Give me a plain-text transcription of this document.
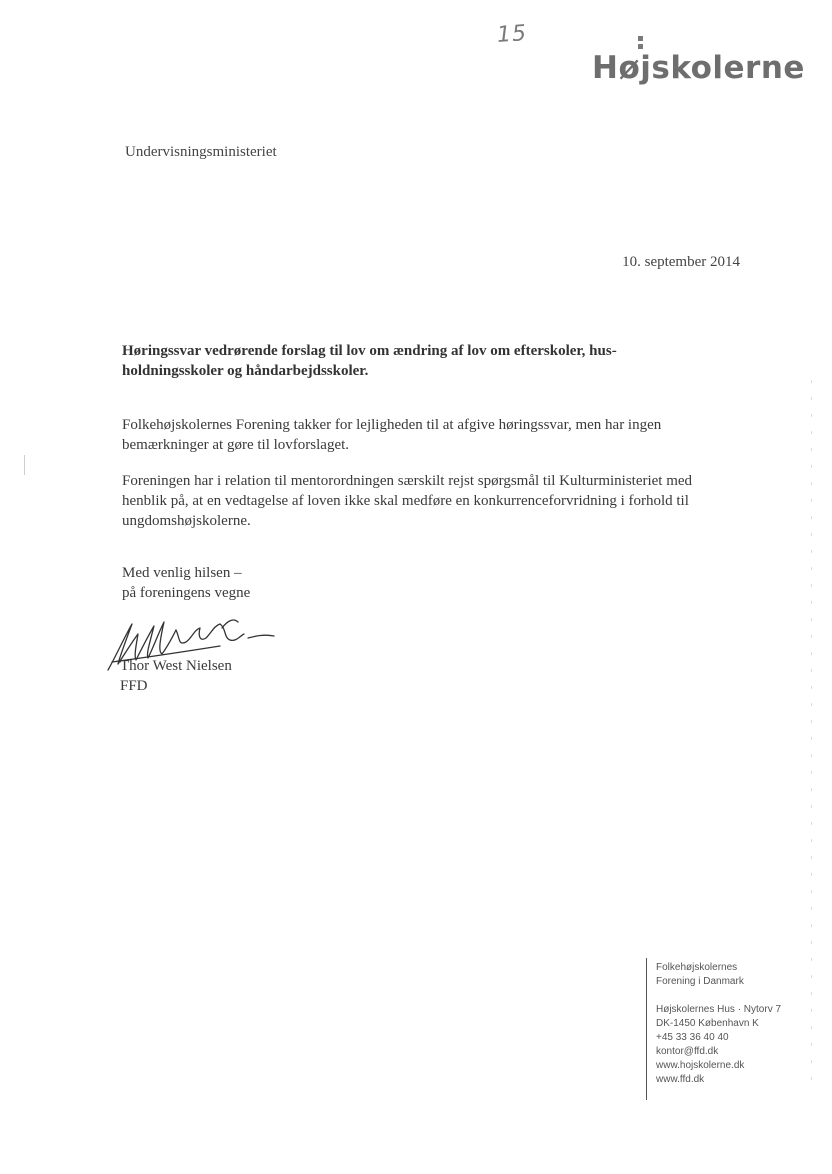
15
Højskolerne
Undervisningsministeriet
10. september 2014
Høringssvar vedrørende forslag til lov om ændring af lov om efterskoler, hus-
holdningsskoler og håndarbejdsskoler.
Folkehøjskolernes Forening takker for lejligheden til at afgive høringssvar, men har ingen
bemærkninger at gøre til lovforslaget.
Foreningen har i relation til mentorordningen særskilt rejst spørgsmål til Kulturministeriet med
henblik på, at en vedtagelse af loven ikke skal medføre en konkurrenceforvridning i forhold til
ungdomshøjskolerne.
Med venlig hilsen –
på foreningens vegne
Thor West Nielsen
FFD
Folkehøjskolernes
Forening i Danmark
Højskolernes Hus · Nytorv 7
DK-1450 København K
+45 33 36 40 40
kontor@ffd.dk
www.hojskolerne.dk
www.ffd.dk
